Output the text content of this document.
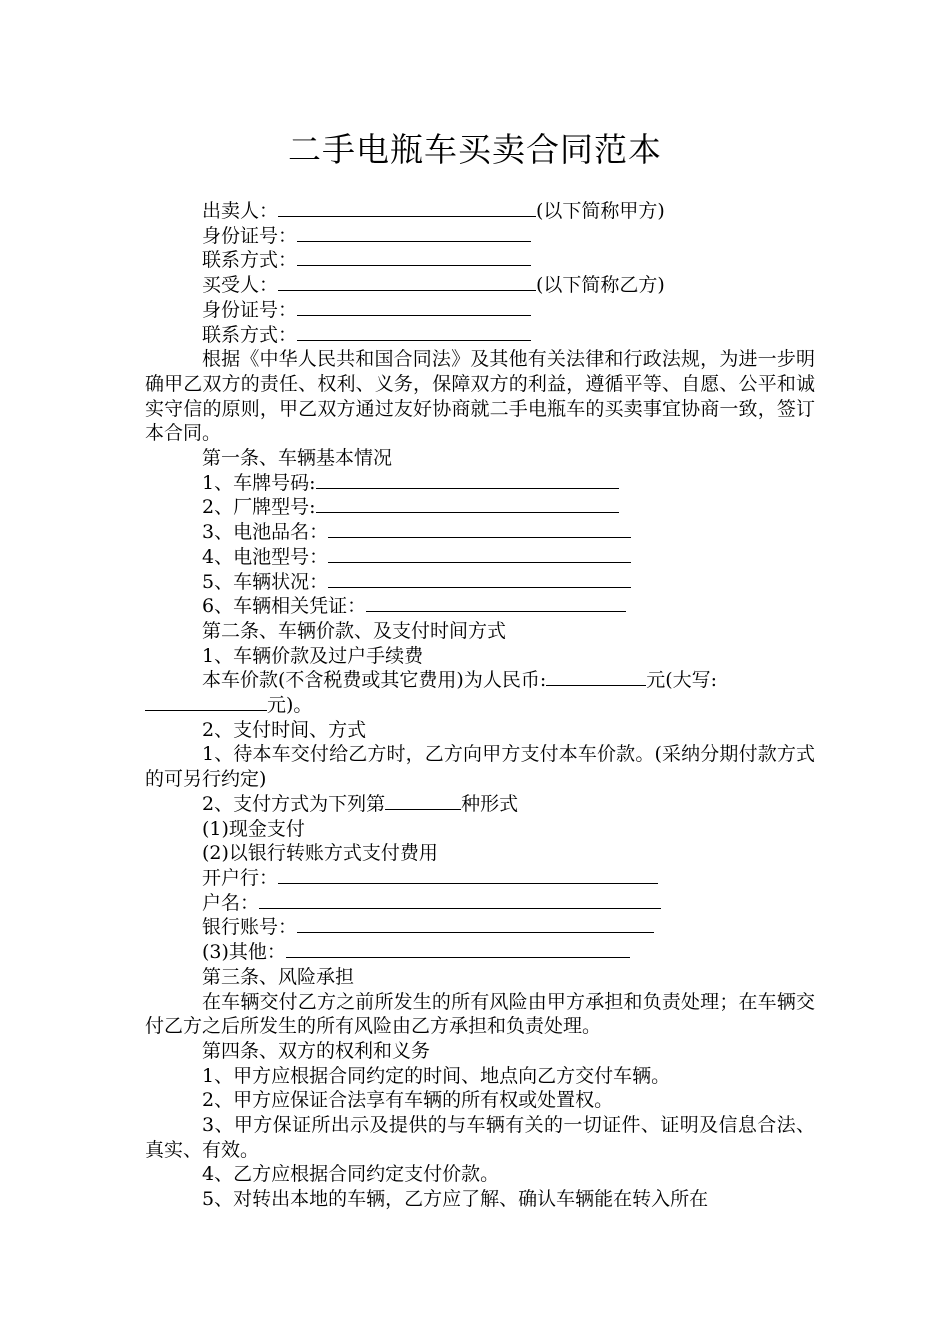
二手电瓶车买卖合同范本
出卖人：	(以下简称甲方)
身份证号：
联系方式：
买受人：	(以下简称乙方)
身份证号：
联系方式：
根据《中华人民共和国合同法》及其他有关法律和行政法规，为进一步明确甲乙双方的责任、权利、义务，保障双方的利益，遵循平等、自愿、公平和诚实守信的原则，甲乙双方通过友好协商就二手电瓶车的买卖事宜协商一致，签订本合同。
第一条、车辆基本情况
1、车牌号码:
2、厂牌型号:
3、电池品名：
4、电池型号：
5、车辆状况：
6、车辆相关凭证：
第二条、车辆价款、及支付时间方式
1、车辆价款及过户手续费
本车价款(不含税费或其它费用)为人民币:	元(大写:
元)。
2、支付时间、方式
1、待本车交付给乙方时，乙方向甲方支付本车价款。(采纳分期付款方式的可另行约定)
2、支付方式为下列第	种形式
(1)现金支付
(2)以银行转账方式支付费用
开户行：
户名：
银行账号：
(3)其他：
第三条、风险承担
在车辆交付乙方之前所发生的所有风险由甲方承担和负责处理；在车辆交付乙方之后所发生的所有风险由乙方承担和负责处理。
第四条、双方的权利和义务
1、甲方应根据合同约定的时间、地点向乙方交付车辆。
2、甲方应保证合法享有车辆的所有权或处置权。
3、甲方保证所出示及提供的与车辆有关的一切证件、证明及信息合法、真实、有效。
4、乙方应根据合同约定支付价款。
5、对转出本地的车辆，乙方应了解、确认车辆能在转入所在
